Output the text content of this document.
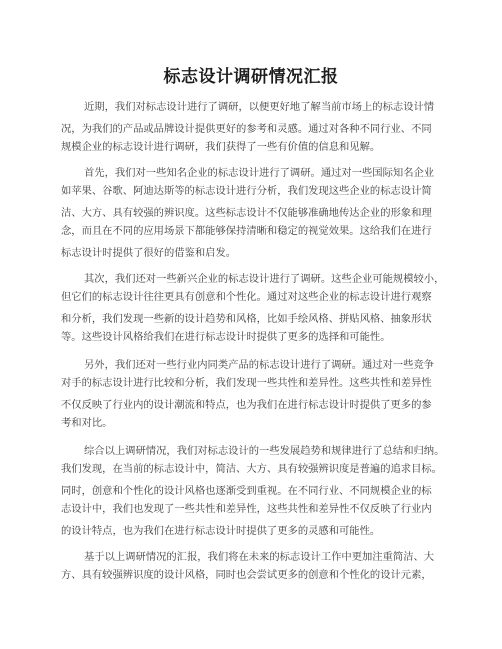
标志设计调研情况汇报
近期，我们对标志设计进行了调研，以便更好地了解当前市场上的标志设计情
况，为我们的产品或品牌设计提供更好的参考和灵感。通过对各种不同行业、不同
规模企业的标志设计进行调研，我们获得了一些有价值的信息和见解。
首先，我们对一些知名企业的标志设计进行了调研。通过对一些国际知名企业
如苹果、谷歌、阿迪达斯等的标志设计进行分析，我们发现这些企业的标志设计简
洁、大方、具有较强的辨识度。这些标志设计不仅能够准确地传达企业的形象和理
念，而且在不同的应用场景下都能够保持清晰和稳定的视觉效果。这给我们在进行
标志设计时提供了很好的借鉴和启发。
其次，我们还对一些新兴企业的标志设计进行了调研。这些企业可能规模较小，
但它们的标志设计往往更具有创意和个性化。通过对这些企业的标志设计进行观察
和分析，我们发现一些新的设计趋势和风格，比如手绘风格、拼贴风格、抽象形状
等。这些设计风格给我们在进行标志设计时提供了更多的选择和可能性。
另外，我们还对一些行业内同类产品的标志设计进行了调研。通过对一些竞争
对手的标志设计进行比较和分析，我们发现一些共性和差异性。这些共性和差异性
不仅反映了行业内的设计潮流和特点，也为我们在进行标志设计时提供了更多的参
考和对比。
综合以上调研情况，我们对标志设计的一些发展趋势和规律进行了总结和归纳。
我们发现，在当前的标志设计中，简洁、大方、具有较强辨识度是普遍的追求目标。
同时，创意和个性化的设计风格也逐渐受到重视。在不同行业、不同规模企业的标
志设计中，我们也发现了一些共性和差异性，这些共性和差异性不仅反映了行业内
的设计特点，也为我们在进行标志设计时提供了更多的灵感和可能性。
基于以上调研情况的汇报，我们将在未来的标志设计工作中更加注重简洁、大
方、具有较强辨识度的设计风格，同时也会尝试更多的创意和个性化的设计元素，
